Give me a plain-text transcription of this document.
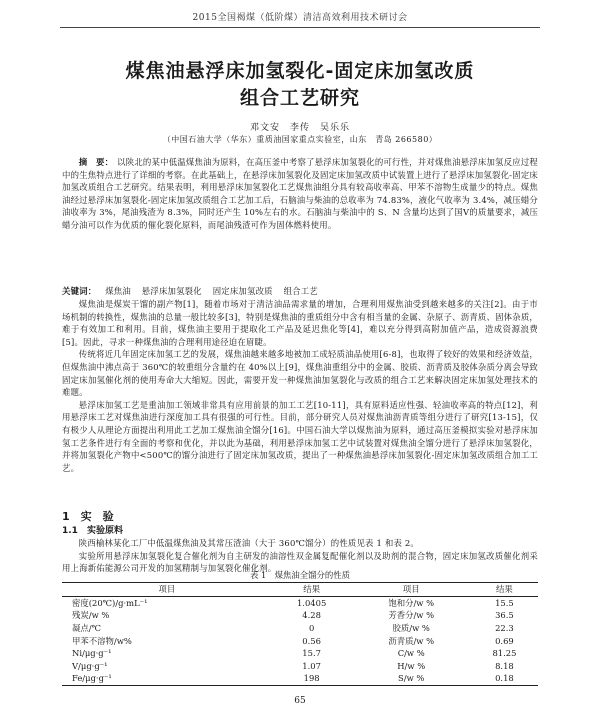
2015全国褐煤（低阶煤）清洁高效利用技术研讨会
煤焦油悬浮床加氢裂化-固定床加氢改质
组合工艺研究
邓文安　李传　吴乐乐
（中国石油大学（华东）重质油国家重点实验室，山东　青岛 266580）

摘　要： 以陕北的某中低温煤焦油为原料，在高压釜中考察了悬浮床加氢裂化的可行性，并对煤焦油悬浮床加氢反应过程中的生焦特点进行了详细的考察。在此基础上，在悬浮床加氢裂化及固定床加氢改质中试装置上进行了悬浮床加氢裂化-固定床加氢改质组合工艺研究。结果表明，利用悬浮床加氢裂化工艺煤焦油组分具有较高收率高、甲苯不溶物生成量少的特点。煤焦油经过悬浮床加氢裂化-固定床加氢改质组合工艺加工后，石脑油与柴油的总收率为 74.83%，液化气收率为 3.4%，减压蜡分油收率为 3%，尾油残渣为 8.3%，同时还产生 10%左右的水。石脑油与柴油中的 S、N 含量均达到了国Ⅴ的质量要求，减压蜡分油可以作为优质的催化裂化原料，而尾油残渣可作为固体燃料使用。

关键词： 煤焦油 悬浮床加氢裂化 固定床加氢改质 组合工艺

煤焦油是煤炭干馏的副产物[1]，随着市场对于清洁油品需求量的增加，合理利用煤焦油受到越来越多的关注[2]。由于市场机制的转换性，煤焦油的总量一般比较多[3]，特别是煤焦油的重质组分中含有相当量的金属、杂原子、沥青质、固体杂质，难于有效加工和利用。目前，煤焦油主要用于提取化工产品及延迟焦化等[4]，难以充分得到高附加值产品，造成资源浪费[5]。因此，寻求一种煤焦油的合理利用途径迫在眉睫。

传统将近几年固定床加氢工艺的发展，煤焦油越来越多地被加工成轻质油品使用[6-8]，也取得了较好的效果和经济效益，但煤焦油中沸点高于 360℃的较重组分含量约在 40%以上[9]，煤焦油重组分中的金属、胶质、沥青质及胶体杂质分离会导致固定床加氢催化剂的使用寿命大大缩短。因此，需要开发一种煤焦油加氢裂化与改质的组合工艺来解决固定床加氢处理技术的难题。

悬浮床加氢工艺是重油加工领域非常具有应用前景的加工工艺[10-11]，具有原料适应性强、轻油收率高的特点[12]，利用悬浮床工艺对煤焦油进行深度加工具有很强的可行性。目前，部分研究人员对煤焦油沥青质等组分进行了研究[13-15]，仅有极少人从理论方面提出利用此工艺加工煤焦油全馏分[16]。中国石油大学以煤焦油为原料，通过高压釜模拟实验对悬浮床加氢工艺条件进行有全面的考察和优化，并以此为基础，利用悬浮床加氢工艺中试装置对煤焦油全馏分进行了悬浮床加氢裂化，并将加氢裂化产物中<500℃的馏分油进行了固定床加氢改质，提出了一种煤焦油悬浮床加氢裂化-固定床加氢改质组合加工工艺。

1　实　验
1.1　实验原料

陕西榆林某化工厂中低温煤焦油及其常压渣油（大于 360℃馏分）的性质见表 1 和表 2。

实验所用悬浮床加氢裂化复合催化剂为自主研发的油溶性双金属复配催化剂以及助剂的混合物，固定床加氢改质催化剂采用上海新佑能源公司开发的加氢精制与加氢裂化催化剂。

表 1　煤焦油全馏分的性质
项目	结果	项目	结果
密度(20℃)/g·mL⁻¹	1.0405	饱和分/w %	15.5
残炭/w %	4.28	芳香分/w %	36.5
凝点/℃	0	胶质/w %	22.3
甲苯不溶物/w%	0.56	沥青质/w %	0.69
Ni/μg·g⁻¹	15.7	C/w %	81.25
V/μg·g⁻¹	1.07	H/w %	8.18
Fe/μg·g⁻¹	198	S/w %	0.18
65
